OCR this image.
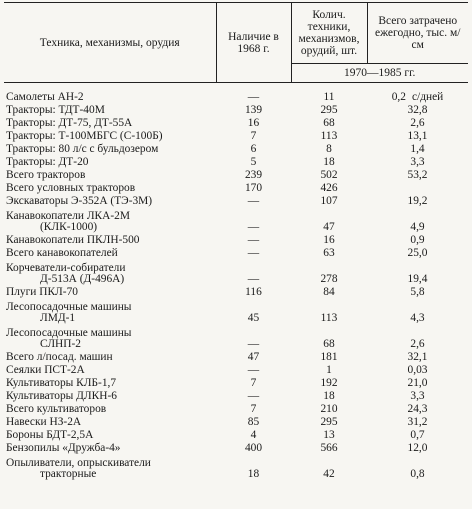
Техника, механизмы, орудия	Наличие в 1968 г.	Колич. техники, механизмов, орудий, шт.	Всего затрачено ежегодно, тыс. м/см
		1970—1985 гг.	

Самолеты АН-2	—	11	0,2 с/дней

Тракторы: ТДТ-40М	139	295	32,8

Тракторы: ДТ-75, ДТ-55А	16	68	2,6

Тракторы: Т-100МБГС (С-100Б)	7	113	13,1

Тракторы: 80 л/с с бульдозером	6	8	1,4

Тракторы: ДТ-20	5	18	3,3

Всего тракторов	239	502	53,2

Всего условных тракторов	170	426	

Экскаваторы Э-352А (ТЭ-3М)	—	107	19,2

Канавокопатели ЛКА-2М
(КЛК-1000)	—	47	4,9

Канавокопатели ПКЛН-500	—	16	0,9

Всего канавокопателей	—	63	25,0

Корчеватели-собиратели
Д-513А (Д-496А)	—	278	19,4

Плуги ПКЛ-70	116	84	5,8

Лесопосадочные машины
ЛМД-1	45	113	4,3

Лесопосадочные машины
СЛНП-2	—	68	2,6

Всего л/посад. машин	47	181	32,1

Сеялки ПСТ-2А	—	1	0,03

Культиваторы КЛБ-1,7	7	192	21,0

Культиваторы ДЛКН-6	—	18	3,3

Всего культиваторов	7	210	24,3

Навески НЗ-2А	85	295	31,2

Бороны БДТ-2,5А	4	13	0,7

Бензопилы «Дружба-4»	400	566	12,0

Опыливатели, опрыскиватели
тракторные	18	42	0,8
